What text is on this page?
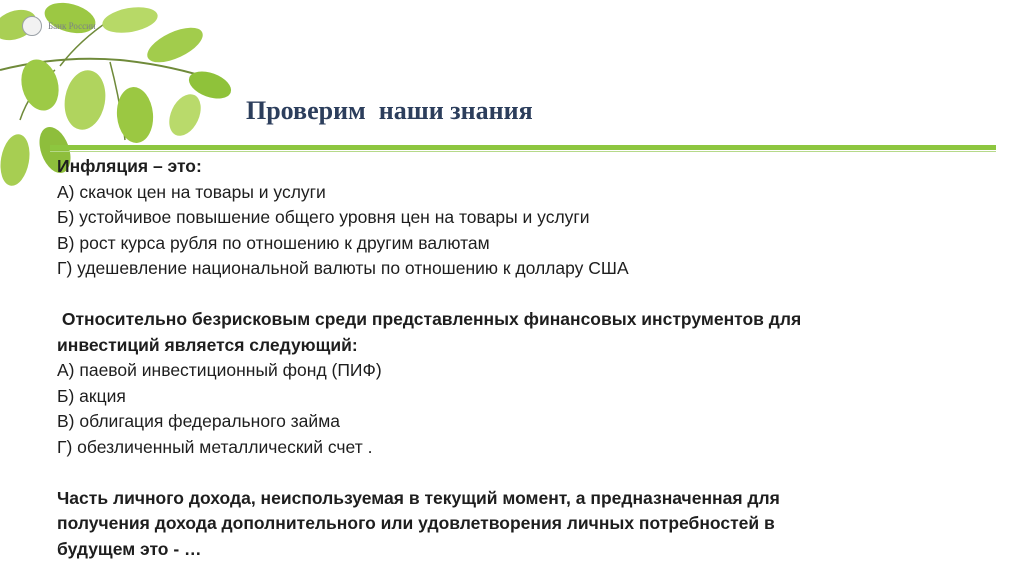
Банк России
Проверим  наши знания
Инфляция – это:
А) скачок цен на товары и услуги
Б) устойчивое повышение общего уровня цен на товары и услуги
В) рост курса рубля по отношению к другим валютам
Г) удешевление национальной валюты по отношению к доллару США
Относительно безрисковым среди представленных финансовых инструментов для
инвестиций является следующий:
А) паевой инвестиционный фонд (ПИФ)
Б) акция
В) облигация федерального займа
Г) обезличенный металлический счет .
Часть личного дохода, неиспользуемая в текущий момент, а предназначенная для
получения дохода дополнительного или удовлетворения личных потребностей в
будущем это - …
